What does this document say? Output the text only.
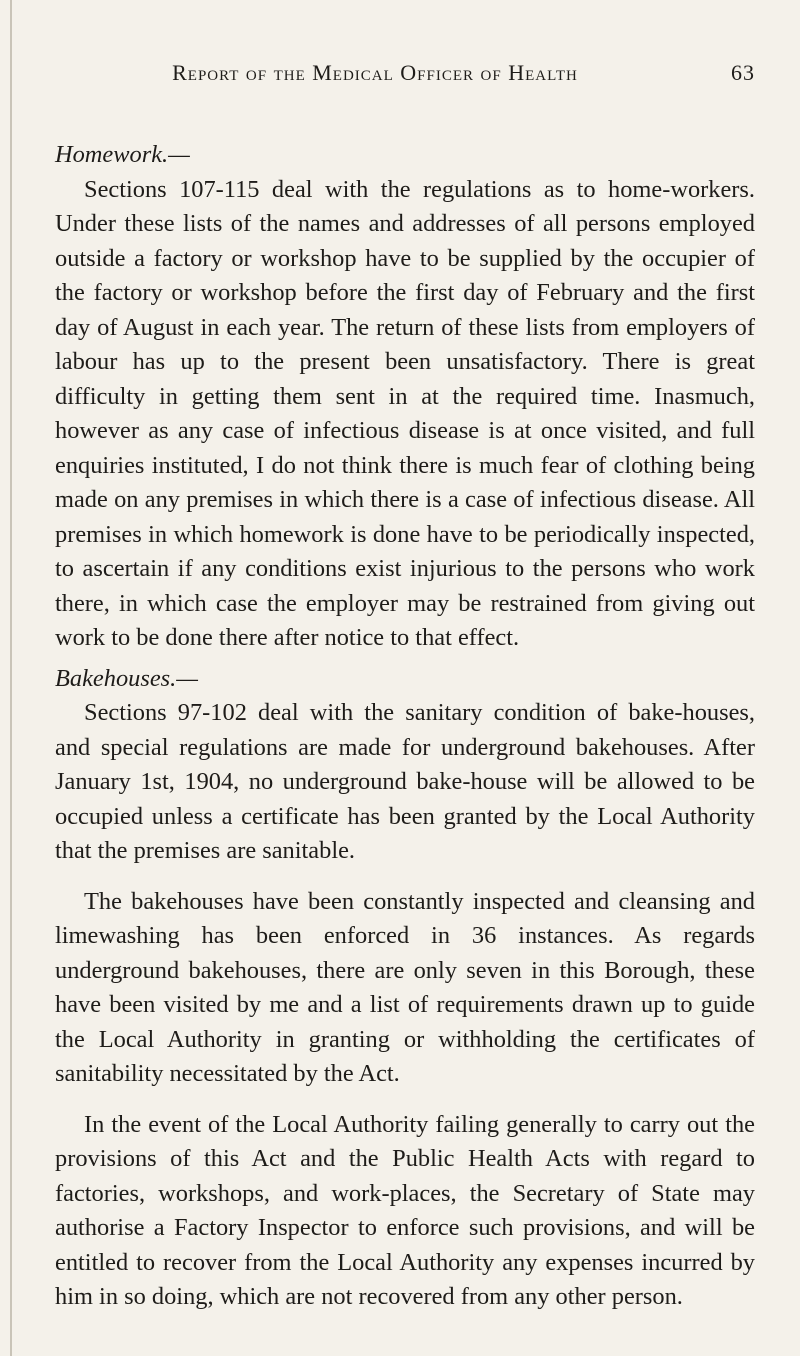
Report of the Medical Officer of Health	63

Homework.—

Sections 107-115 deal with the regulations as to home-workers. Under these lists of the names and addresses of all persons employed outside a factory or workshop have to be supplied by the occupier of the factory or workshop before the first day of February and the first day of August in each year. The return of these lists from employers of labour has up to the present been unsatisfactory. There is great difficulty in getting them sent in at the required time. Inasmuch, however as any case of infectious disease is at once visited, and full enquiries instituted, I do not think there is much fear of clothing being made on any premises in which there is a case of infectious disease. All premises in which homework is done have to be periodically inspected, to ascertain if any conditions exist injurious to the persons who work there, in which case the employer may be restrained from giving out work to be done there after notice to that effect.

Bakehouses.—

Sections 97-102 deal with the sanitary condition of bake-houses, and special regulations are made for underground bakehouses. After January 1st, 1904, no underground bake-house will be allowed to be occupied unless a certificate has been granted by the Local Authority that the premises are sanitable.

The bakehouses have been constantly inspected and cleansing and limewashing has been enforced in 36 instances. As regards underground bakehouses, there are only seven in this Borough, these have been visited by me and a list of requirements drawn up to guide the Local Authority in granting or withholding the certificates of sanitability necessitated by the Act.

In the event of the Local Authority failing generally to carry out the provisions of this Act and the Public Health Acts with regard to factories, workshops, and work-places, the Secretary of State may authorise a Factory Inspector to enforce such provisions, and will be entitled to recover from the Local Authority any expenses incurred by him in so doing, which are not recovered from any other person.
